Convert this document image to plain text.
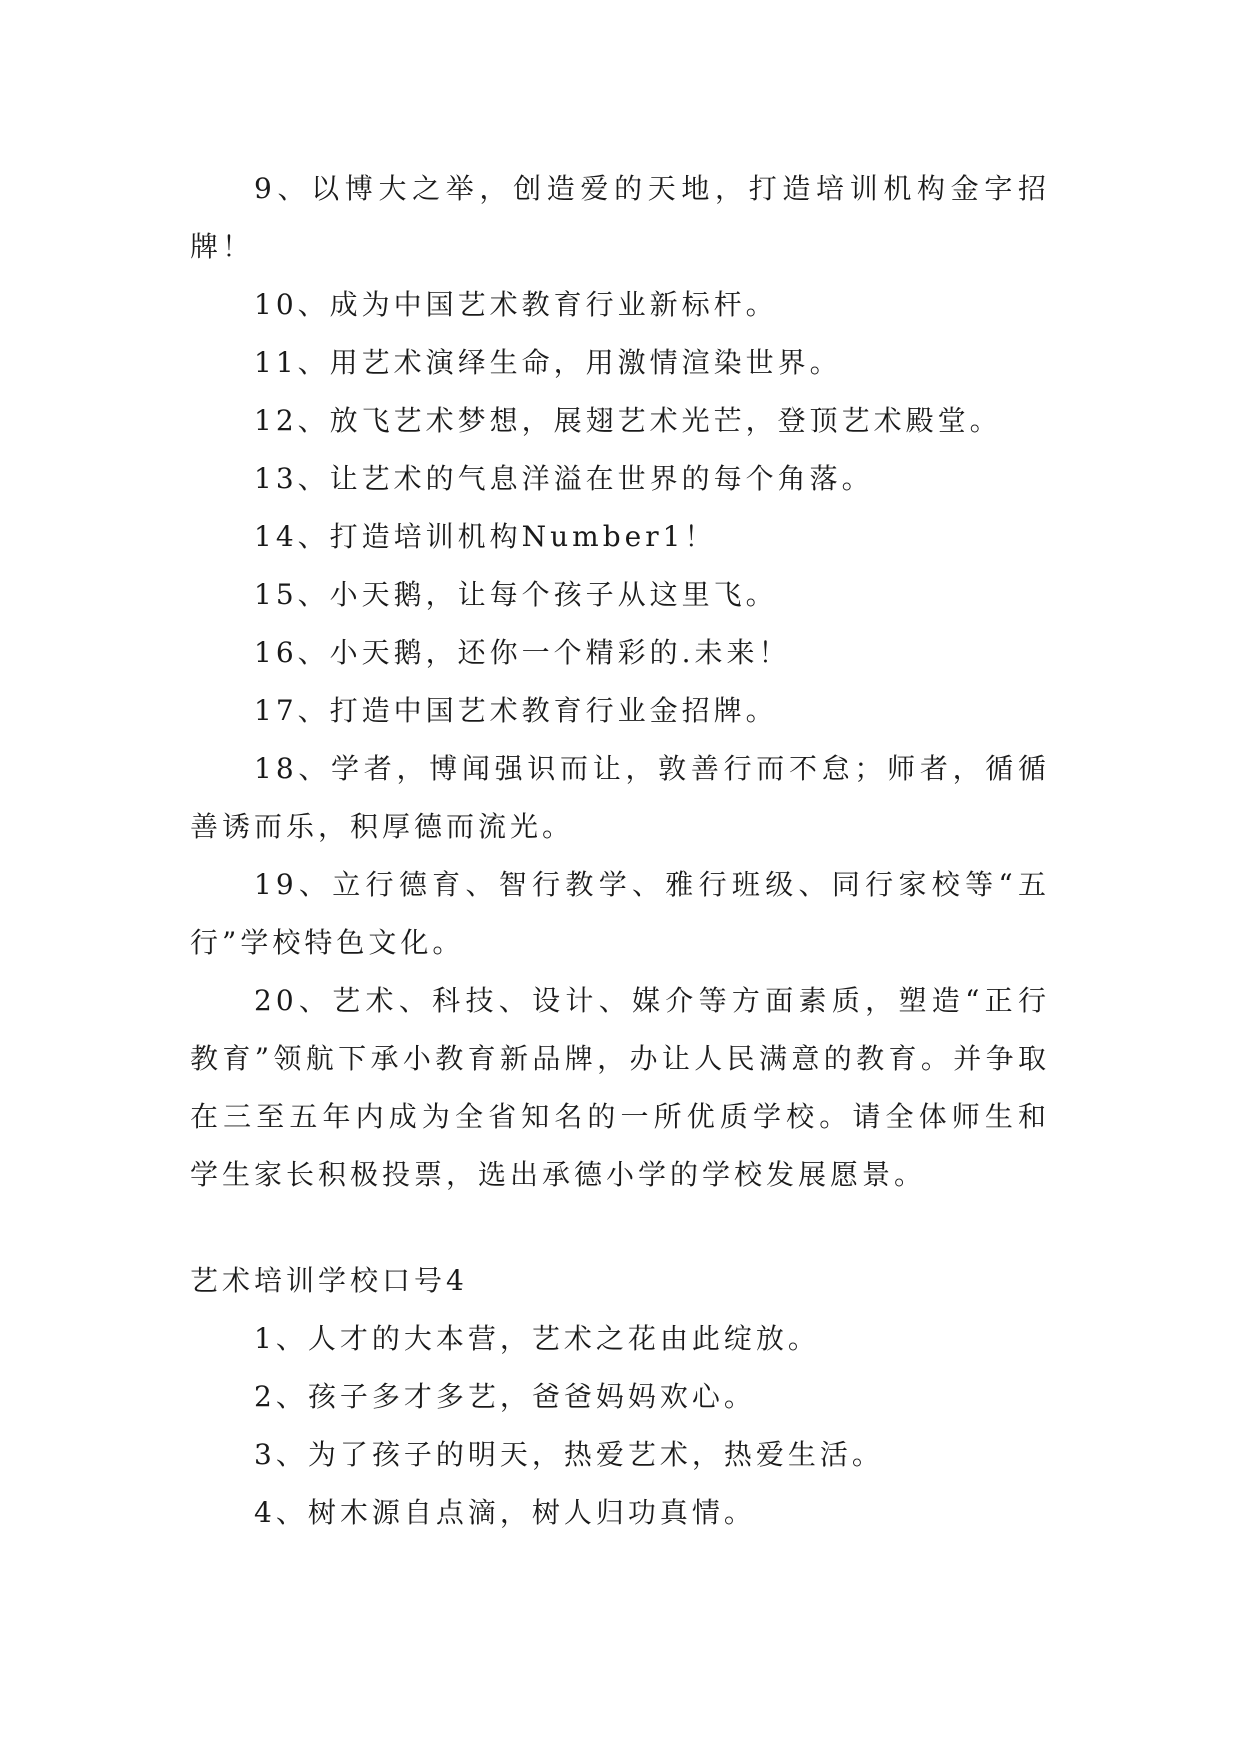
9、以博大之举，创造爱的天地，打造培训机构金字招牌！

10、成为中国艺术教育行业新标杆。

11、用艺术演绎生命，用激情渲染世界。

12、放飞艺术梦想，展翅艺术光芒，登顶艺术殿堂。

13、让艺术的气息洋溢在世界的每个角落。

14、打造培训机构Number1！

15、小天鹅，让每个孩子从这里飞。

16、小天鹅，还你一个精彩的.未来！

17、打造中国艺术教育行业金招牌。

18、学者，博闻强识而让，敦善行而不怠；师者，循循善诱而乐，积厚德而流光。

19、立行德育、智行教学、雅行班级、同行家校等“五行”学校特色文化。

20、艺术、科技、设计、媒介等方面素质，塑造“正行教育”领航下承小教育新品牌，办让人民满意的教育。并争取在三至五年内成为全省知名的一所优质学校。请全体师生和学生家长积极投票，选出承德小学的学校发展愿景。

艺术培训学校口号4

1、人才的大本营，艺术之花由此绽放。

2、孩子多才多艺，爸爸妈妈欢心。

3、为了孩子的明天，热爱艺术，热爱生活。

4、树木源自点滴，树人归功真情。
